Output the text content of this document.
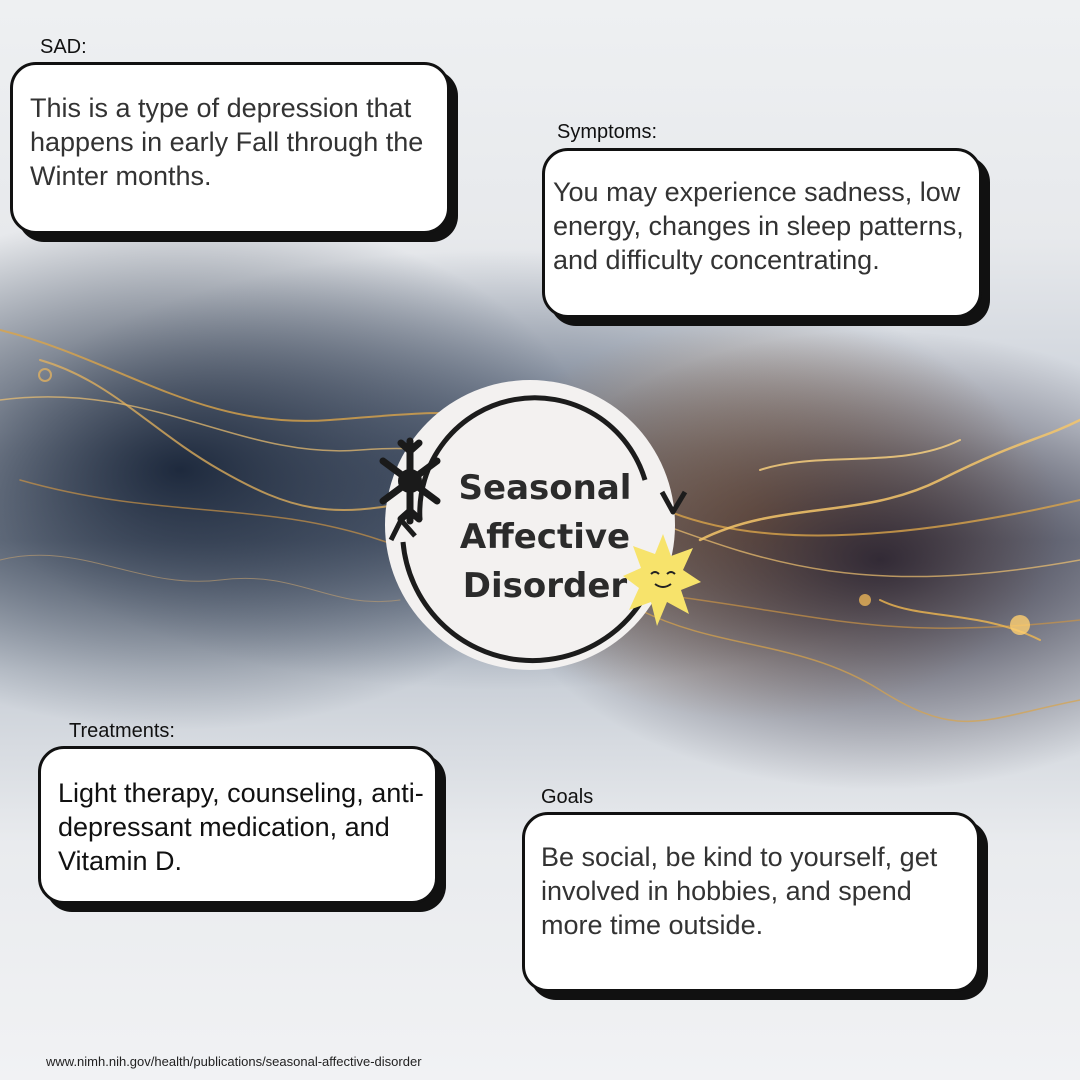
SAD:

This is a type of depression that happens in early Fall through the Winter months.

Symptoms:

You may experience sadness, low energy, changes in sleep patterns, and difficulty concentrating.

Seasonal
Affective
Disorder
Treatments:

Light therapy, counseling, anti-depressant medication, and Vitamin D.

Goals

Be social, be kind to yourself, get involved in hobbies, and spend more time outside.

www.nimh.nih.gov/health/publications/seasonal-affective-disorder
